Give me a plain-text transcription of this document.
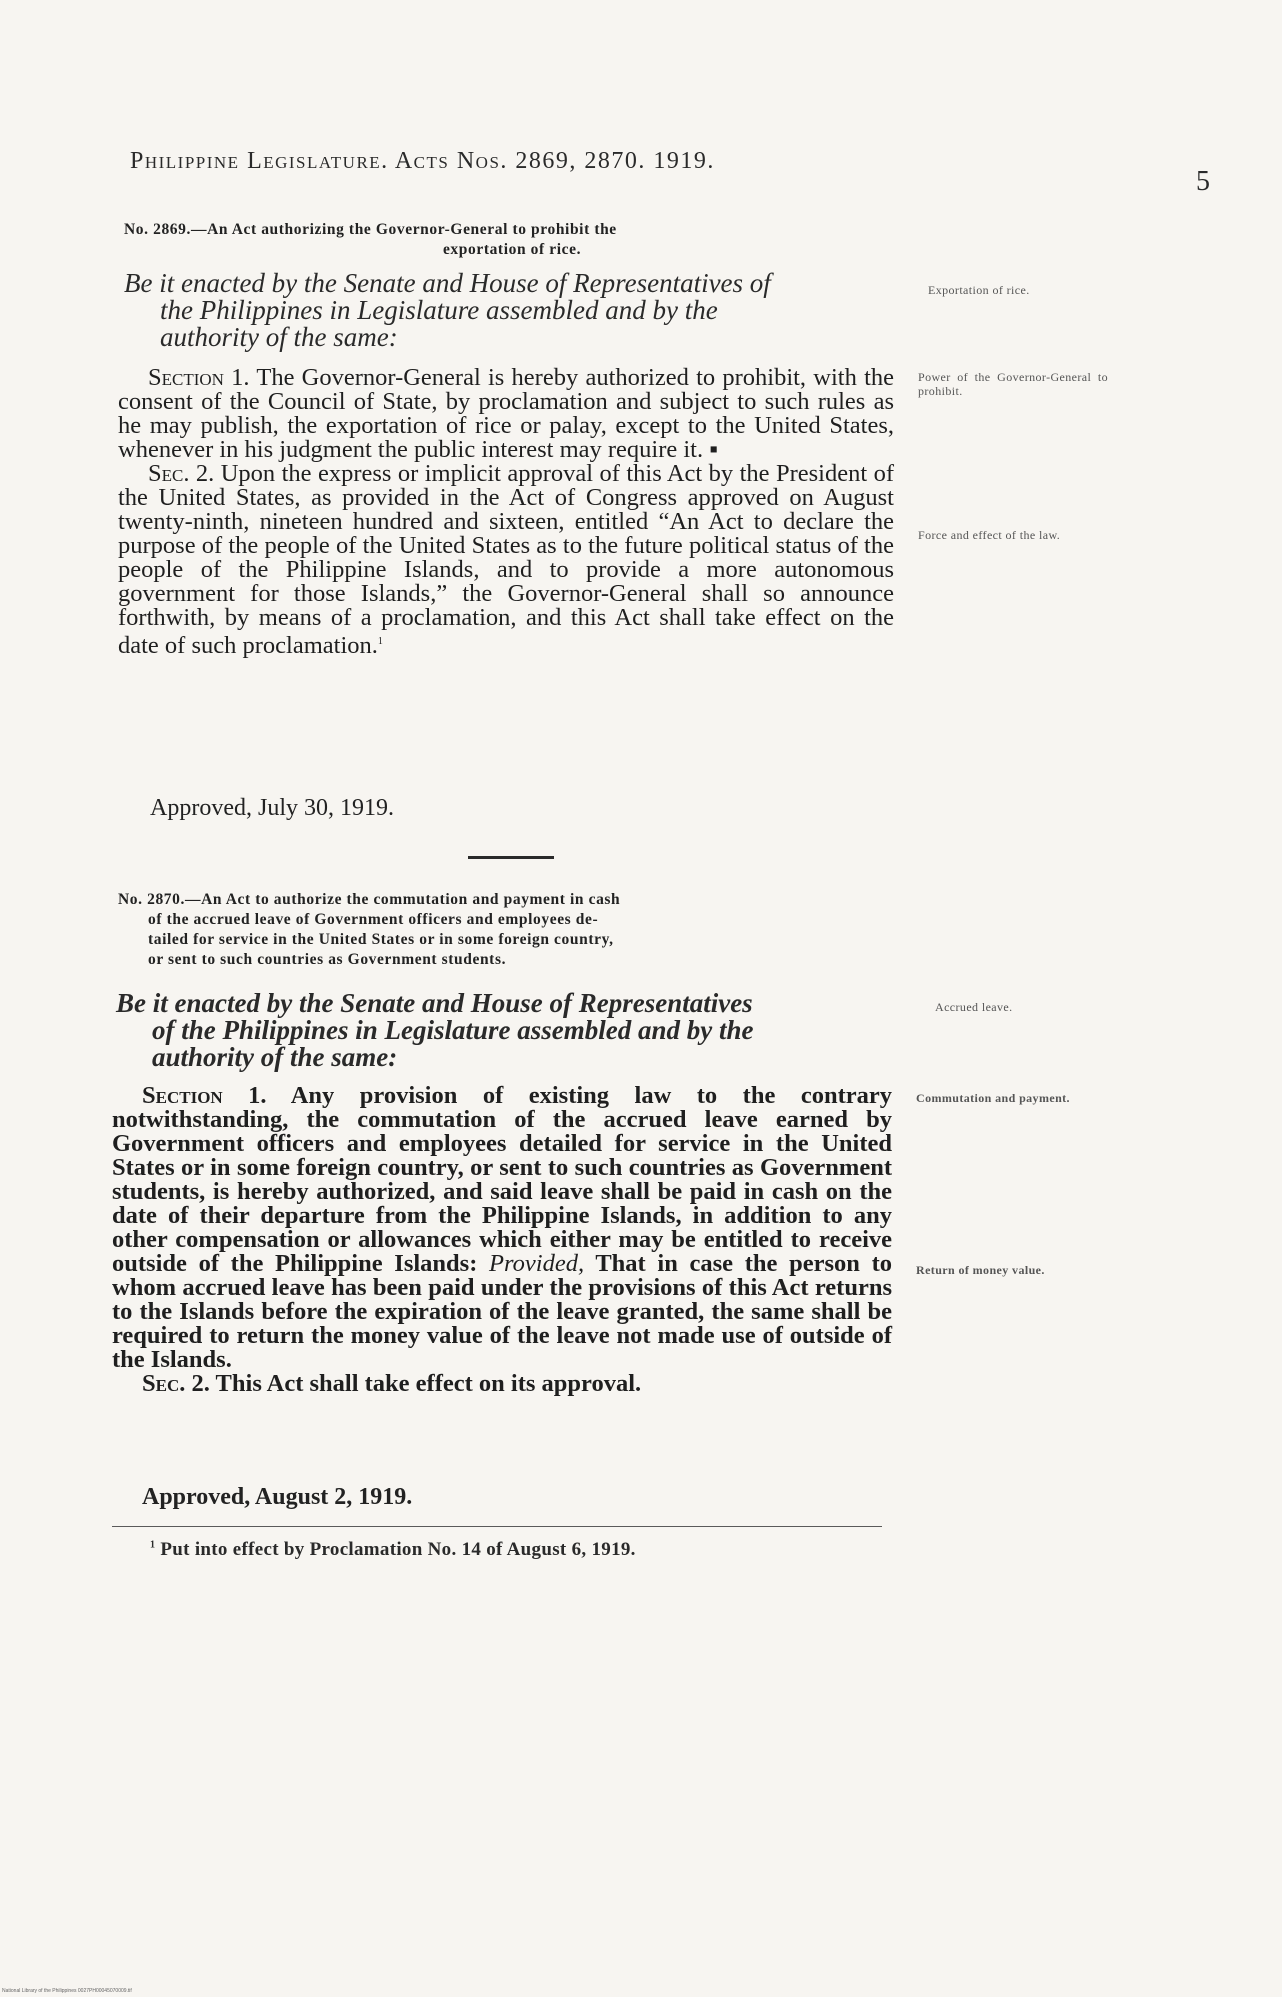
Philippine Legislature. Acts Nos. 2869, 2870. 1919.
5
No. 2869.—An Act authorizing the Governor-General to prohibit the
exportation of rice.
Be it enacted by the Senate and House of Representatives of
the Philippines in Legislature assembled and by the
authority of the same:

Section 1. The Governor-General is hereby authorized to prohibit, with the consent of the Council of State, by proclamation and subject to such rules as he may publish, the exportation of rice or palay, except to the United States, whenever in his judgment the public interest may require it. ▪

Sec. 2. Upon the express or implicit approval of this Act by the President of the United States, as provided in the Act of Congress approved on August twenty-ninth, nineteen hundred and sixteen, entitled “An Act to declare the purpose of the people of the United States as to the future political status of the people of the Philippine Islands, and to provide a more autonomous government for those Islands,” the Governor-General shall so announce forthwith, by means of a proclamation, and this Act shall take effect on the date of such proclamation.$^1$

Approved, July 30, 1919.
Exportation of rice.
Power of the Governor-General to prohibit.
Force and effect of the law.
No. 2870.—An Act to authorize the commutation and payment in cash
of the accrued leave of Government officers and employees de-
tailed for service in the United States or in some foreign country,
or sent to such countries as Government students.
Be it enacted by the Senate and House of Representatives
of the Philippines in Legislature assembled and by the
authority of the same:

Section 1. Any provision of existing law to the contrary notwithstanding, the commutation of the accrued leave earned by Government officers and employees detailed for service in the United States or in some foreign country, or sent to such countries as Government students, is hereby authorized, and said leave shall be paid in cash on the date of their departure from the Philippine Islands, in addition to any other compensation or allowances which either may be entitled to receive outside of the Philippine Islands: Provided, That in case the person to whom accrued leave has been paid under the provisions of this Act returns to the Islands before the expiration of the leave granted, the same shall be required to return the money value of the leave not made use of outside of the Islands.

Sec. 2. This Act shall take effect on its approval.

Approved, August 2, 1919.
Accrued leave.
Commutation and payment.
Return of money value.
$^1$ Put into effect by Proclamation No. 14 of August 6, 1919.
National Library of the Philippines 0027PH00045070009.tif
